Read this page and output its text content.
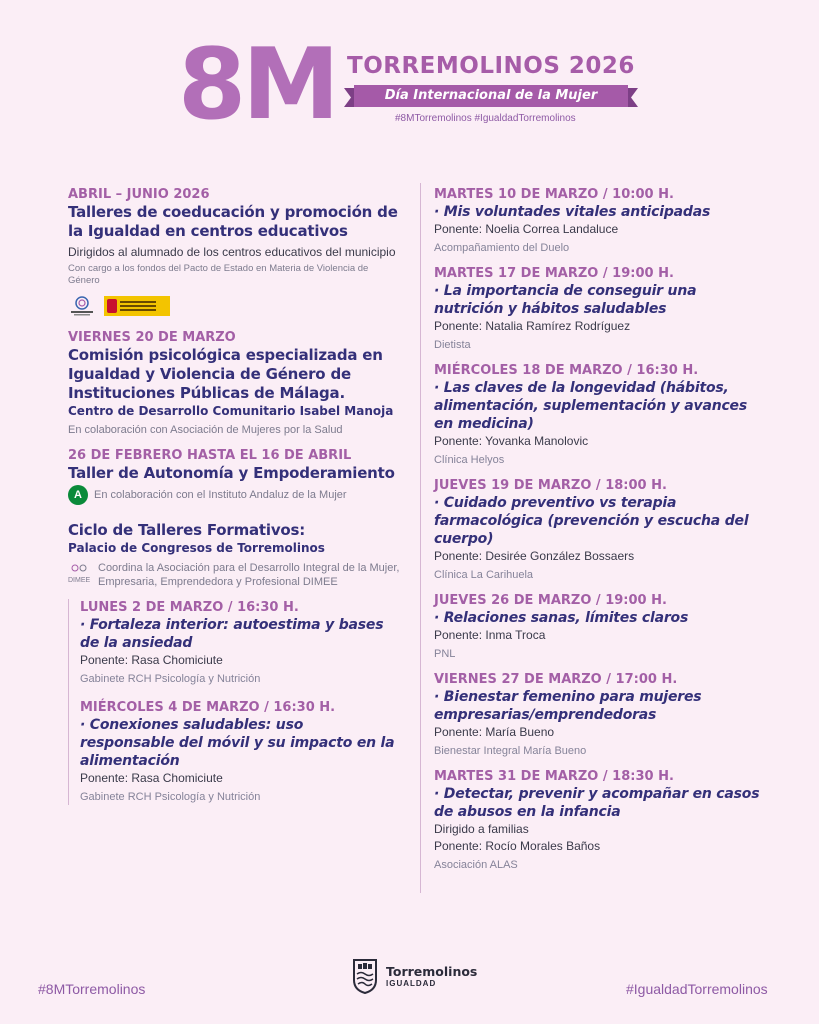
8M TORREMOLINOS 2026
Día Internacional de la Mujer
#8MTorremolinos #IgualdadTorremolinos
ABRIL – JUNIO 2026
Talleres de coeducación y promoción de la Igualdad en centros educativos
Dirigidos al alumnado de los centros educativos del municipio
Con cargo a los fondos del Pacto de Estado en Materia de Violencia de Género
VIERNES 20 DE MARZO
Comisión psicológica especializada en Igualdad y Violencia de Género de Instituciones Públicas de Málaga.
Centro de Desarrollo Comunitario Isabel Manoja
En colaboración con Asociación de Mujeres por la Salud
26 DE FEBRERO HASTA EL 16 DE ABRIL
Taller de Autonomía y Empoderamiento
A	En colaboración con el Instituto Andaluz de la Mujer
Ciclo de Talleres Formativos:
Palacio de Congresos de Torremolinos
DIMEE
Coordina la Asociación para el Desarrollo Integral de la Mujer, Empresaria, Emprendedora y Profesional DIMEE
LUNES 2 DE MARZO / 16:30 H.
· Fortaleza interior: autoestima y bases de la ansiedad
Ponente: Rasa Chomiciute
Gabinete RCH Psicología y Nutrición
MIÉRCOLES 4 DE MARZO / 16:30 H.
· Conexiones saludables: uso responsable del móvil y su impacto en la alimentación
Ponente: Rasa Chomiciute
Gabinete RCH Psicología y Nutrición
MARTES 10 DE MARZO / 10:00 H.
· Mis voluntades vitales anticipadas
Ponente: Noelia Correa Landaluce
Acompañamiento del Duelo
MARTES 17 DE MARZO / 19:00 H.
· La importancia de conseguir una nutrición y hábitos saludables
Ponente: Natalia Ramírez Rodríguez
Dietista
MIÉRCOLES 18 DE MARZO / 16:30 H.
· Las claves de la longevidad (hábitos, alimentación, suplementación y avances en medicina)
Ponente: Yovanka Manolovic
Clínica Helyos
JUEVES 19 DE MARZO / 18:00 H.
· Cuidado preventivo vs terapia farmacológica (prevención y escucha del cuerpo)
Ponente: Desirée González Bossaers
Clínica La Carihuela
JUEVES 26 DE MARZO / 19:00 H.
· Relaciones sanas, límites claros
Ponente: Inma Troca
PNL
VIERNES 27 DE MARZO / 17:00 H.
· Bienestar femenino para mujeres empresarias/emprendedoras
Ponente: María Bueno
Bienestar Integral María Bueno
MARTES 31 DE MARZO / 18:30 H.
· Detectar, prevenir y acompañar en casos de abusos en la infancia
Dirigido a familias
Ponente: Rocío Morales Baños
Asociación ALAS
#8MTorremolinos
Torremolinos
IGUALDAD	#IgualdadTorremolinos
